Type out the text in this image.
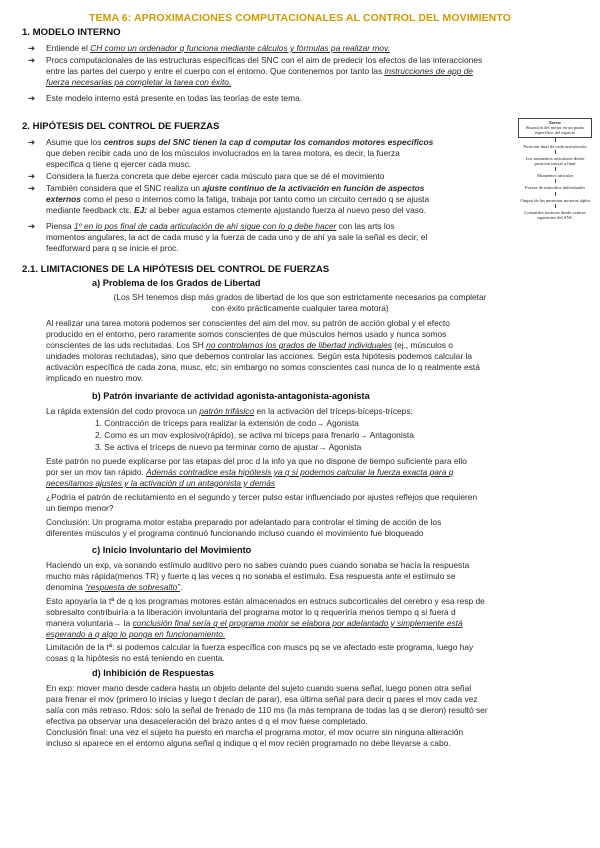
TEMA 6: APROXIMACIONES COMPUTACIONALES AL CONTROL DEL MOVIMIENTO
1. MODELO INTERNO
➔ Entiende el CH como un ordenador q funciona mediante cálculos y fórmulas pa realizar mov.
➔ Procs computacionales de las estructuras específicas del SNC con el aim de predecir los efectos de las interacciones
entre las partes del cuerpo y entre el cuerpo con el entorno. Que contenemos por tanto las instrucciones de app de
fuerza necesarias pa completar la tarea con éxito.
➔ Este modelo interno está presente en todas las teorías de este tema.
2. HIPÓTESIS DEL CONTROL DE FUERZAS
➔ Asume que los centros sups del SNC tienen la cap d computar los comandos motores específicos
que deben recibir cada uno de los músculos involucrados en la tarea motora, es decir, la fuerza
específica q tiene q ejercer cada musc.
➔ Considera la fuerza concreta que debe ejercer cada músculo para que se dé el movimiento
➔ También considera que el SNC realiza un ajuste continuo de la activación en función de aspectos
externos como el peso o internos como la fatiga, trabaja por tanto como un circuito cerrado q se ajusta
mediante feedback ctε. EJ: al beber agua estamos ctemente ajustando fuerza al nuevo peso del vaso.
➔ Piensa 1º en lo pos final de cada articulación de ahí sigue con lo q debe hacer con las arts los
momentos angulares, la act de cada musc y la fuerza de cada uno y de ahí ya sale la señal es decir, el
feedforward para q se inicie el proc.
Tarea:
Situación del mejor en un punto específico del espacio
Posición final de cada articulación
Los momentos articulares desde posición inicial a final
Momentos articular
Fuerza de músculos individuales
Output de las neuronas motoras alpha
Comandos motores desde centros superiores del SNC
2.1. LIMITACIONES DE LA HIPÓTESIS DEL CONTROL DE FUERZAS
a) Problema de los Grados de Libertad
(Los SH tenemos disp más grados de libertad de los que son estrictamente necesarios pa completar
con éxito prácticamente cualquier tarea motora)
Al realizar una tarea motora podemos ser conscientes del aim del mov, su patrón de acción global y el efecto
producido en el entorno, pero raramente somos conscientes de que músculos hemos usado y nunca somos
conscientes de las uds reclutadas. Los SH no controlamos los grados de libertad individuales (ej., músculos o
unidades motoras reclutadas), sino que debemos controlar las acciones. Según esta hipótesis podemos calcular la
activación específica de cada zona, musc, etc; sin embargo no somos conscientes casi nunca de lo q realmente está
implicado en nuestro mov.
b) Patrón invariante de actividad agonista-antagonista-agonista
La rápida extensión del codo provoca un patrón trifásico en la activación del tríceps-bíceps-tríceps:
1. Contracción de tríceps para realizar la extensión de codo→ Agonista
2. Como es un mov explosivo(rápido), se activa mi bíceps para frenarlo→ Antagonista
3. Se activa el tríceps de nuevo pa terminar como de ajustar→ Agonista
Este patrón no puede explicarse por las etapas del proc d la info ya que no dispone de tiempo suficiente para ello
por ser un mov tan rápido. Además contradice esta hipótesis ya q si podemos calcular la fuerza exacta para q
necesitamos ajustes y la activación d un antagonista y demás
¿Podría el patrón de reclutamiento en el segundo y tercer pulso estar influenciado por ajustes reflejos que requieren
un tiempo menor?
Conclusión: Un programa motor estaba preparado por adelantado para controlar el timing de acción de los
diferentes músculos y el programa continuó funcionando incluso cuando el movimiento fue bloqueado
c) Inicio Involuntario del Movimiento
Haciendo un exp, va sonando estímulo auditivo pero no sabes cuando pues cuando sonaba se hacía la respuesta
mucho más rápida(menos TR) y fuerte q las veces q no sonaba el estímulo. Esa respuesta ante el estímulo se
denomina “respuesta de sobresalto”.
Esto apoyaría la tª de q los programas motores están almacenados en estrucs subcorticales del cerebro y esa resp de
sobresalto contribuiría a la liberación involuntaria del programa motor lo q requeriría menos tiempo q si fuera d
manera voluntaria→ la conclusión final sería q el programa motor se elabora por adelantado y simplemente está
esperando a q algo lo ponga en funcionamiento.
Limitación de la tª: si podemos calcular la fuerza específica con muscs pq se ve afectado este programa, luego hay
cosas q la hipótesis no está teniendo en cuenta.
d) Inhibición de Respuestas
En exp: mover mano desde cadera hasta un objeto delante del sujeto cuando suena señal, luego ponen otra señal
para frenar el mov (primero lo inicias y luego t decían de parar), esa última señal para decir q pares el mov cada vez
salía con más retraso. Rdos: solo la señal de frenado de 110 ms (la más temprana de todas las q se dieron) resultó ser
efectiva pa observar una desaceleración del brazo antes d q el mov fuese completado.
Conclusión final: una vez el sujeto ha puesto en marcha el programa motor, el mov ocurre sin ninguna alteración
incluso si aparece en el entorno alguna señal q indique q el mov recién programado no debe llevarse a cabo.
